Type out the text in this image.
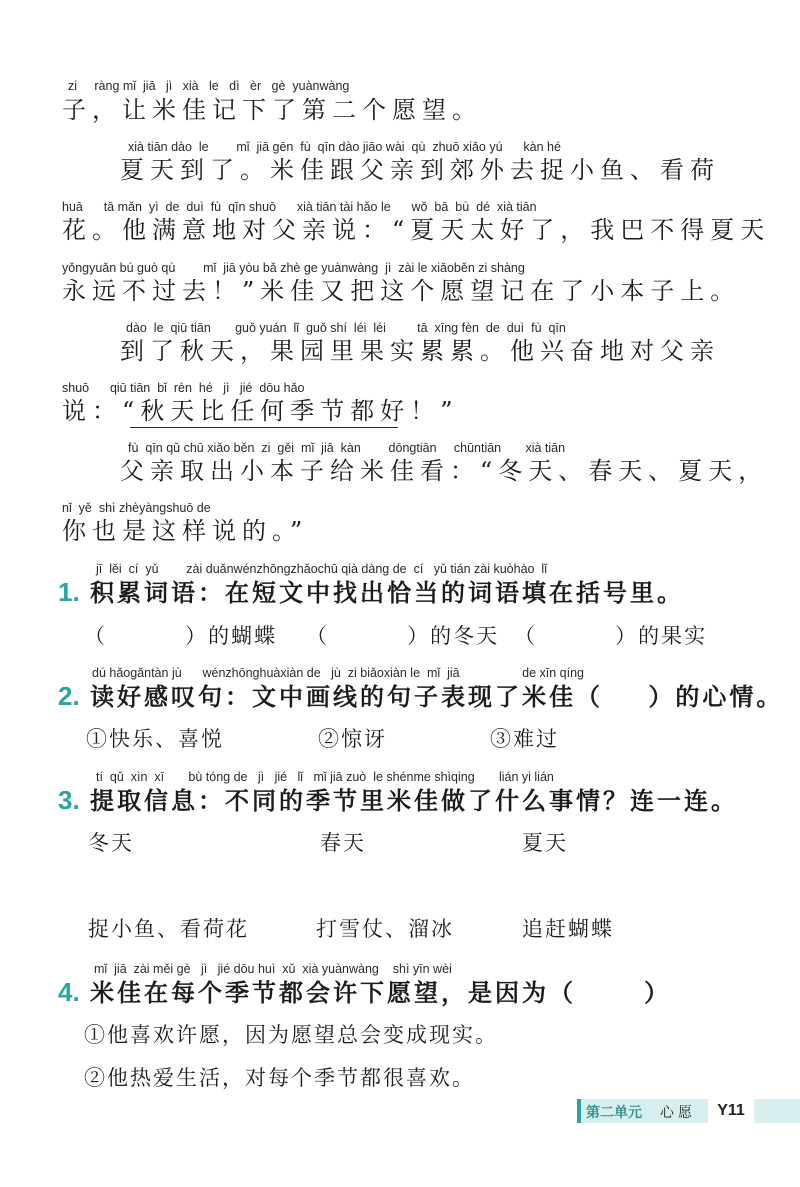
zi     ràng mǐ  jiā   jì   xià   le   dì   èr   gè  yuànwàng
子，让米佳记下了第二个愿望。
xià tiān dào  le        mǐ  jiā gēn  fù  qīn dào jiāo wài  qù  zhuō xiǎo yú      kàn hé
夏天到了。米佳跟父亲到郊外去捉小鱼、看荷
huā      tā mǎn  yì  de  duì  fù  qīn shuō      xià tiān tài hǎo le      wǒ  bā  bù  dé  xià tiān
花。他满意地对父亲说：“夏天太好了，我巴不得夏天
yǒngyuǎn bú guò qù        mǐ  jiā yòu bǎ zhè ge yuànwàng  jì  zài le xiǎoběn zi shàng
永远不过去！”米佳又把这个愿望记在了小本子上。
dào  le  qiū tiān       guǒ yuán  lǐ  guǒ shí  léi  léi         tā  xīng fèn  de  duì  fù  qīn
到了秋天，果园里果实累累。他兴奋地对父亲
shuō      qiū tiān  bǐ  rèn  hé   jì   jié  dōu hǎo
说：“秋天比任何季节都好！”
fù  qīn qǔ chū xiǎo běn  zi  gěi  mǐ  jiā  kàn        dōngtiān     chūntiān       xià tiān
父亲取出小本子给米佳看：“冬天、春天、夏天，
nǐ  yě  shì zhèyàngshuō de
你也是这样说的。”
jī  lěi  cí  yǔ        zài duǎnwénzhōngzhǎochū qià dàng de  cí   yǔ tián zài kuòhào  lǐ
1. 积累词语：在短文中找出恰当的词语填在括号里。
（         ）的蝴蝶 （         ）的冬天 （         ）的果实
dú hǎogǎntàn jù      wénzhōnghuàxiàn de   jù  zi biǎoxiàn le  mǐ  jiā                  de xīn qíng
2. 读好感叹句：文中画线的句子表现了米佳（    ）的心情。
①快乐、喜悦	②惊讶	③难过
tí  qǔ  xìn  xī       bù tóng de   jì   jié   lǐ   mǐ jiā zuò  le shénme shìqing       lián yi lián
3. 提取信息：不同的季节里米佳做了什么事情？连一连。
冬天	春天	夏天
捉小鱼、看荷花	打雪仗、溜冰	追赶蝴蝶
mǐ  jiā  zài měi gè   jì   jié dōu huì  xǔ  xià yuànwàng    shì yīn wèi
4. 米佳在每个季节都会许下愿望，是因为（      ）
①他喜欢许愿，因为愿望总会变成现实。
②他热爱生活，对每个季节都很喜欢。
第二单元 心愿	Y11
